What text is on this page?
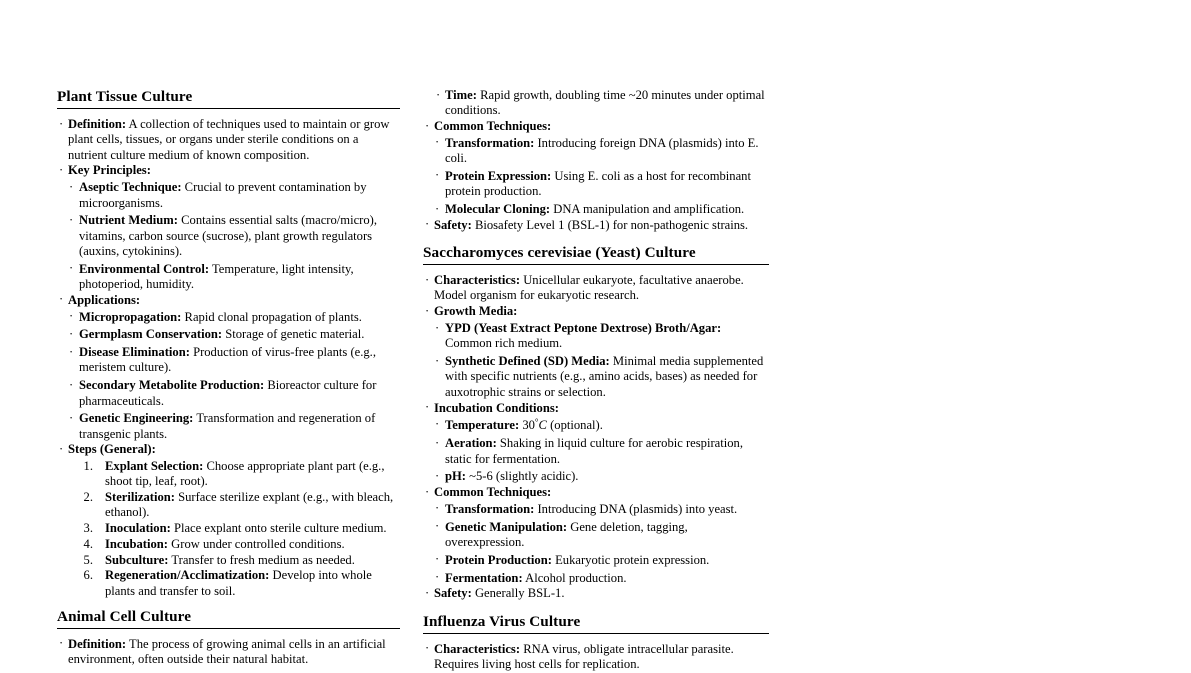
Plant Tissue Culture
· Definition: A collection of techniques used to maintain or grow plant cells, tissues, or organs under sterile conditions on a nutrient culture medium of known composition.
· Key Principles:
· Aseptic Technique: Crucial to prevent contamination by microorganisms.
· Nutrient Medium: Contains essential salts (macro/micro), vitamins, carbon source (sucrose), plant growth regulators (auxins, cytokinins).
· Environmental Control: Temperature, light intensity, photoperiod, humidity.
· Applications:
· Micropropagation: Rapid clonal propagation of plants.
· Germplasm Conservation: Storage of genetic material.
· Disease Elimination: Production of virus-free plants (e.g., meristem culture).
· Secondary Metabolite Production: Bioreactor culture for pharmaceuticals.
· Genetic Engineering: Transformation and regeneration of transgenic plants.
· Steps (General):
Explant Selection: Choose appropriate plant part (e.g., shoot tip, leaf, root).
Sterilization: Surface sterilize explant (e.g., with bleach, ethanol).
Inoculation: Place explant onto sterile culture medium.
Incubation: Grow under controlled conditions.
Subculture: Transfer to fresh medium as needed.
Regeneration/Acclimatization: Develop into whole plants and transfer to soil.
Animal Cell Culture
· Definition: The process of growing animal cells in an artificial environment, often outside their natural habitat.
· Time: Rapid growth, doubling time ~20 minutes under optimal conditions.
· Common Techniques:
· Transformation: Introducing foreign DNA (plasmids) into E. coli.
· Protein Expression: Using E. coli as a host for recombinant protein production.
· Molecular Cloning: DNA manipulation and amplification.
· Safety: Biosafety Level 1 (BSL-1) for non-pathogenic strains.
Saccharomyces cerevisiae (Yeast) Culture
· Characteristics: Unicellular eukaryote, facultative anaerobe. Model organism for eukaryotic research.
· Growth Media:
· YPD (Yeast Extract Peptone Dextrose) Broth/Agar: Common rich medium.
· Synthetic Defined (SD) Media: Minimal media supplemented with specific nutrients (e.g., amino acids, bases) as needed for auxotrophic strains or selection.
· Incubation Conditions:
· Temperature: 30°C (optional).
· Aeration: Shaking in liquid culture for aerobic respiration, static for fermentation.
· pH: ~5-6 (slightly acidic).
· Common Techniques:
· Transformation: Introducing DNA (plasmids) into yeast.
· Genetic Manipulation: Gene deletion, tagging, overexpression.
· Protein Production: Eukaryotic protein expression.
· Fermentation: Alcohol production.
· Safety: Generally BSL-1.
Influenza Virus Culture
· Characteristics: RNA virus, obligate intracellular parasite. Requires living host cells for replication.
